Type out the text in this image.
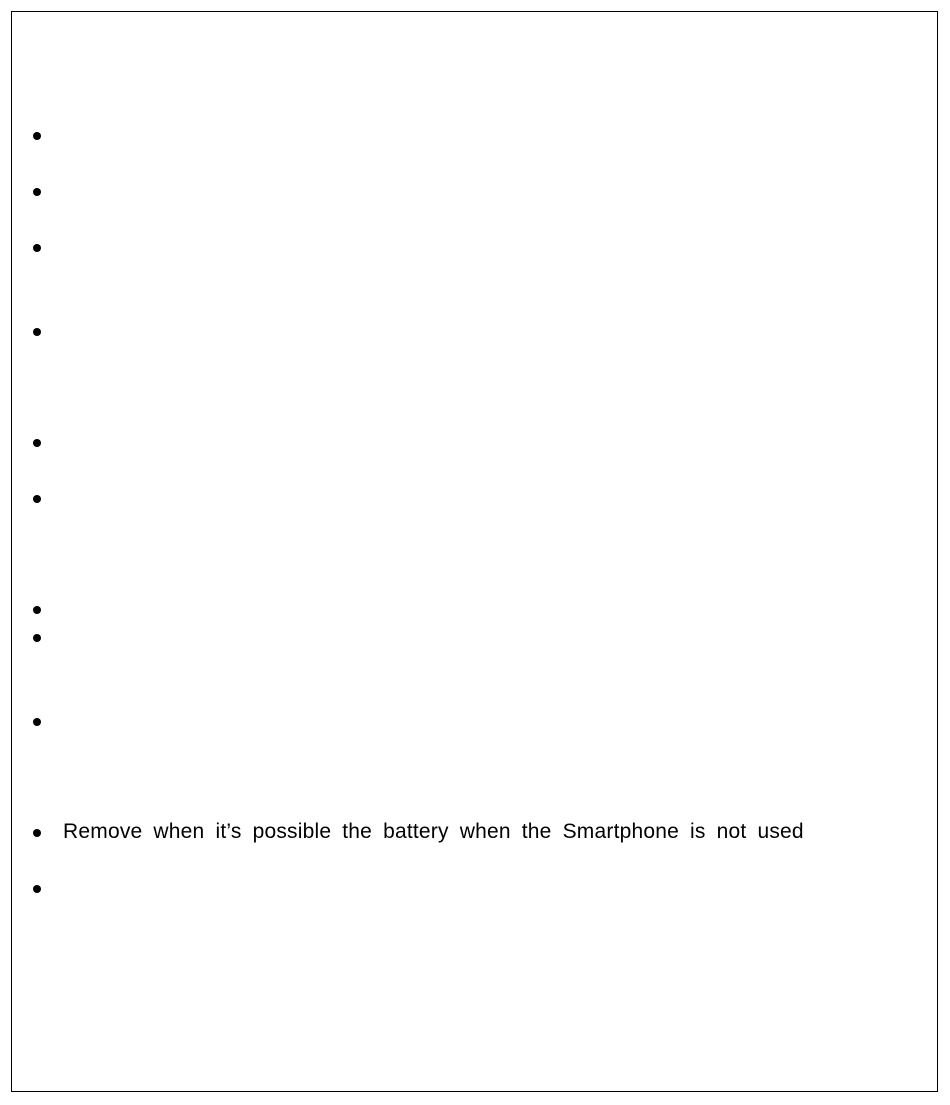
Remove when it’s possible the battery when the Smartphone is not used
